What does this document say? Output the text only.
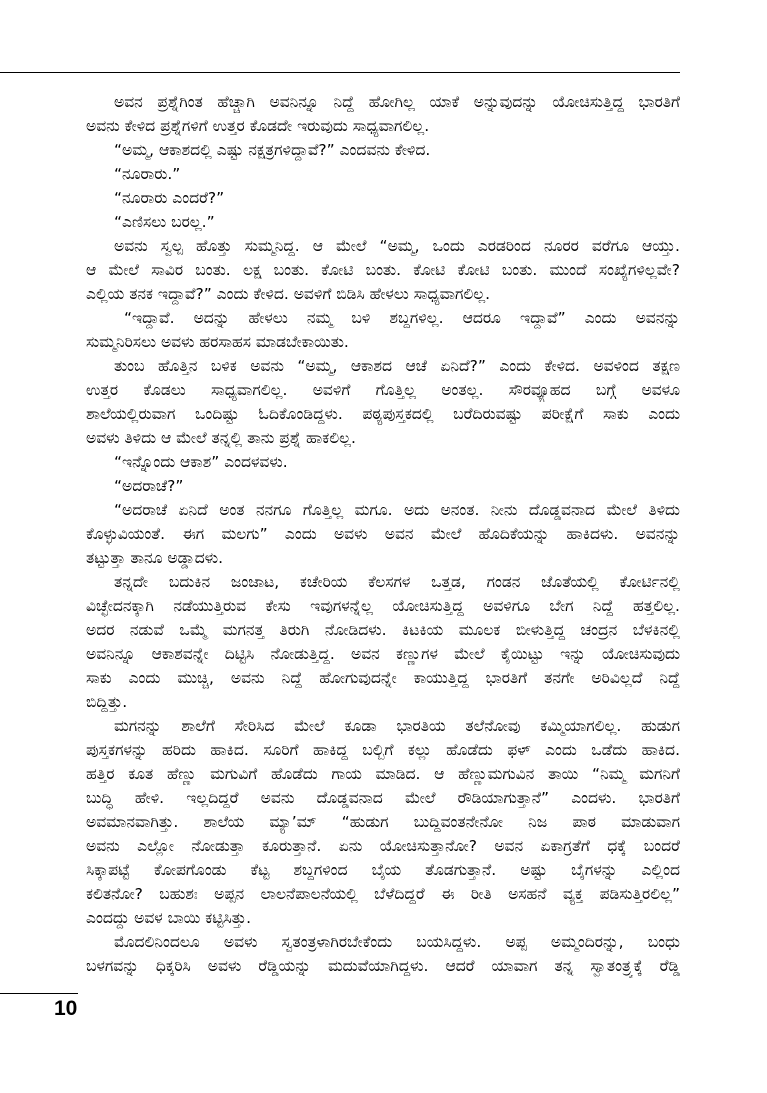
ಅವನ ಪ್ರಶ್ನೆಗಿಂತ ಹೆಚ್ಚಾಗಿ ಅವನಿನ್ನೂ ನಿದ್ದೆ ಹೋಗಿಲ್ಲ ಯಾಕೆ ಅನ್ನುವುದನ್ನು ಯೋಚಿಸುತ್ತಿದ್ದ ಭಾರತಿಗೆ
ಅವನು ಕೇಳಿದ ಪ್ರಶ್ನೆಗಳಿಗೆ ಉತ್ತರ ಕೊಡದೇ ಇರುವುದು ಸಾಧ್ಯವಾಗಲಿಲ್ಲ.
“ಅಮ್ಮ, ಆಕಾಶದಲ್ಲಿ ಎಷ್ಟು ನಕ್ಷತ್ರಗಳಿದ್ದಾವೆ?” ಎಂದವನು ಕೇಳಿದ.
“ನೂರಾರು.”
“ನೂರಾರು ಎಂದರೆ?”
“ಎಣಿಸಲು ಬರಲ್ಲ.”
ಅವನು ಸ್ವಲ್ಪ ಹೊತ್ತು ಸುಮ್ಮನಿದ್ದ. ಆ ಮೇಲೆ “ಅಮ್ಮ, ಒಂದು ಎರಡರಿಂದ ನೂರರ ವರೆಗೂ ಆಯ್ತು.
ಆ ಮೇಲೆ ಸಾವಿರ ಬಂತು. ಲಕ್ಷ ಬಂತು. ಕೋಟಿ ಬಂತು. ಕೋಟಿ ಕೋಟಿ ಬಂತು. ಮುಂದೆ ಸಂಖ್ಯೆಗಳಿಲ್ಲವೇ?
ಎಲ್ಲಿಯ ತನಕ ಇದ್ದಾವೆ?” ಎಂದು ಕೇಳಿದ. ಅವಳಿಗೆ ಬಿಡಿಸಿ ಹೇಳಲು ಸಾಧ್ಯವಾಗಲಿಲ್ಲ.
“ಇದ್ದಾವೆ. ಅದನ್ನು ಹೇಳಲು ನಮ್ಮ ಬಳಿ ಶಬ್ದಗಳಿಲ್ಲ. ಆದರೂ ಇದ್ದಾವೆ” ಎಂದು ಅವನನ್ನು
ಸುಮ್ಮನಿರಿಸಲು ಅವಳು ಹರಸಾಹಸ ಮಾಡಬೇಕಾಯಿತು.
ತುಂಬ ಹೊತ್ತಿನ ಬಳಿಕ ಅವನು “ಅಮ್ಮ, ಆಕಾಶದ ಆಚೆ ಏನಿದೆ?” ಎಂದು ಕೇಳಿದ. ಅವಳಿಂದ ತಕ್ಷಣ
ಉತ್ತರ ಕೊಡಲು ಸಾಧ್ಯವಾಗಲಿಲ್ಲ. ಅವಳಿಗೆ ಗೊತ್ತಿಲ್ಲ ಅಂತಲ್ಲ. ಸೌರವ್ಯೂಹದ ಬಗ್ಗೆ ಅವಳೂ
ಶಾಲೆಯಲ್ಲಿರುವಾಗ ಒಂದಿಷ್ಟು ಓದಿಕೊಂಡಿದ್ದಳು. ಪಠ್ಯಪುಸ್ತಕದಲ್ಲಿ ಬರೆದಿರುವಷ್ಟು ಪರೀಕ್ಷೆಗೆ ಸಾಕು ಎಂದು
ಅವಳು ತಿಳಿದು ಆ ಮೇಲೆ ತನ್ನಲ್ಲಿ ತಾನು ಪ್ರಶ್ನೆ ಹಾಕಲಿಲ್ಲ.
“ಇನ್ನೊಂದು ಆಕಾಶ” ಎಂದಳವಳು.
“ಅದರಾಚೆ?”
“ಅದರಾಚೆ ಏನಿದೆ ಅಂತ ನನಗೂ ಗೊತ್ತಿಲ್ಲ ಮಗೂ. ಅದು ಅನಂತ. ನೀನು ದೊಡ್ಡವನಾದ ಮೇಲೆ ತಿಳಿದು
ಕೊಳ್ಳುವಿಯಂತೆ. ಈಗ ಮಲಗು” ಎಂದು ಅವಳು ಅವನ ಮೇಲೆ ಹೊದಿಕೆಯನ್ನು ಹಾಕಿದಳು. ಅವನನ್ನು
ತಟ್ಟುತ್ತಾ ತಾನೂ ಅಡ್ಡಾದಳು.
ತನ್ನದೇ ಬದುಕಿನ ಜಂಜಾಟ, ಕಚೇರಿಯ ಕೆಲಸಗಳ ಒತ್ತಡ, ಗಂಡನ ಜೊತೆಯಲ್ಲಿ ಕೋರ್ಟಿನಲ್ಲಿ
ವಿಚ್ಛೇದನಕ್ಕಾಗಿ ನಡೆಯುತ್ತಿರುವ ಕೇಸು ಇವುಗಳನ್ನೆಲ್ಲ ಯೋಚಿಸುತ್ತಿದ್ದ ಅವಳಿಗೂ ಬೇಗ ನಿದ್ದೆ ಹತ್ತಲಿಲ್ಲ.
ಅದರ ನಡುವೆ ಒಮ್ಮೆ ಮಗನತ್ತ ತಿರುಗಿ ನೋಡಿದಳು. ಕಿಟಕಿಯ ಮೂಲಕ ಬೀಳುತ್ತಿದ್ದ ಚಂದ್ರನ ಬೆಳಕಿನಲ್ಲಿ
ಅವನಿನ್ನೂ ಆಕಾಶವನ್ನೇ ದಿಟ್ಟಿಸಿ ನೋಡುತ್ತಿದ್ದ. ಅವನ ಕಣ್ಣುಗಳ ಮೇಲೆ ಕೈಯಿಟ್ಟು ಇನ್ನು ಯೋಚಿಸುವುದು
ಸಾಕು ಎಂದು ಮುಚ್ಚಿ, ಅವನು ನಿದ್ದೆ ಹೋಗುವುದನ್ನೇ ಕಾಯುತ್ತಿದ್ದ ಭಾರತಿಗೆ ತನಗೇ ಅರಿವಿಲ್ಲದೆ ನಿದ್ದೆ
ಬಿದ್ದಿತ್ತು.
ಮಗನನ್ನು ಶಾಲೆಗೆ ಸೇರಿಸಿದ ಮೇಲೆ ಕೂಡಾ ಭಾರತಿಯ ತಲೆನೋವು ಕಮ್ಮಿಯಾಗಲಿಲ್ಲ. ಹುಡುಗ
ಪುಸ್ತಕಗಳನ್ನು ಹರಿದು ಹಾಕಿದ. ಸೂರಿಗೆ ಹಾಕಿದ್ದ ಬಲ್ಬಿಗೆ ಕಲ್ಲು ಹೊಡೆದು ಫಳ್ ಎಂದು ಒಡೆದು ಹಾಕಿದ.
ಹತ್ತಿರ ಕೂತ ಹೆಣ್ಣು ಮಗುವಿಗೆ ಹೊಡೆದು ಗಾಯ ಮಾಡಿದ. ಆ ಹೆಣ್ಣುಮಗುವಿನ ತಾಯಿ “ನಿಮ್ಮ ಮಗನಿಗೆ
ಬುದ್ಧಿ ಹೇಳಿ. ಇಲ್ಲದಿದ್ದರೆ ಅವನು ದೊಡ್ಡವನಾದ ಮೇಲೆ ರೌಡಿಯಾಗುತ್ತಾನೆ” ಎಂದಳು. ಭಾರತಿಗೆ
ಅವಮಾನವಾಗಿತ್ತು. ಶಾಲೆಯ ಮ್ಯಾ’ಮ್ “ಹುಡುಗ ಬುದ್ದಿವಂತನೇನೋ ನಿಜ ಪಾಠ ಮಾಡುವಾಗ
ಅವನು ಎಲ್ಲೋ ನೋಡುತ್ತಾ ಕೂರುತ್ತಾನೆ. ಏನು ಯೋಚಿಸುತ್ತಾನೋ? ಅವನ ಏಕಾಗ್ರತೆಗೆ ಧಕ್ಕೆ ಬಂದರೆ
ಸಿಕ್ಕಾಪಟ್ಟೆ ಕೋಪಗೊಂಡು ಕೆಟ್ಟ ಶಬ್ದಗಳಿಂದ ಬೈಯ ತೊಡಗುತ್ತಾನೆ. ಅಷ್ಟು ಬೈಗಳನ್ನು ಎಲ್ಲಿಂದ
ಕಲಿತನೋ? ಬಹುಶಃ ಅಪ್ಪನ ಲಾಲನೆಪಾಲನೆಯಲ್ಲಿ ಬೆಳೆದಿದ್ದರೆ ಈ ರೀತಿ ಅಸಹನೆ ವ್ಯಕ್ತ ಪಡಿಸುತ್ತಿರಲಿಲ್ಲ”
ಎಂದದ್ದು ಅವಳ ಬಾಯಿ ಕಟ್ಟಿಸಿತ್ತು.
ಮೊದಲಿನಿಂದಲೂ ಅವಳು ಸ್ವತಂತ್ರಳಾಗಿರಬೇಕೆಂದು ಬಯಸಿದ್ದಳು. ಅಪ್ಪ ಅಮ್ಮಂದಿರನ್ನು, ಬಂಧು
ಬಳಗವನ್ನು ಧಿಕ್ಕರಿಸಿ ಅವಳು ರೆಡ್ಡಿಯನ್ನು ಮದುವೆಯಾಗಿದ್ದಳು. ಆದರೆ ಯಾವಾಗ ತನ್ನ ಸ್ವಾತಂತ್ರ್ಯಕ್ಕೆ ರೆಡ್ಡಿ
10
